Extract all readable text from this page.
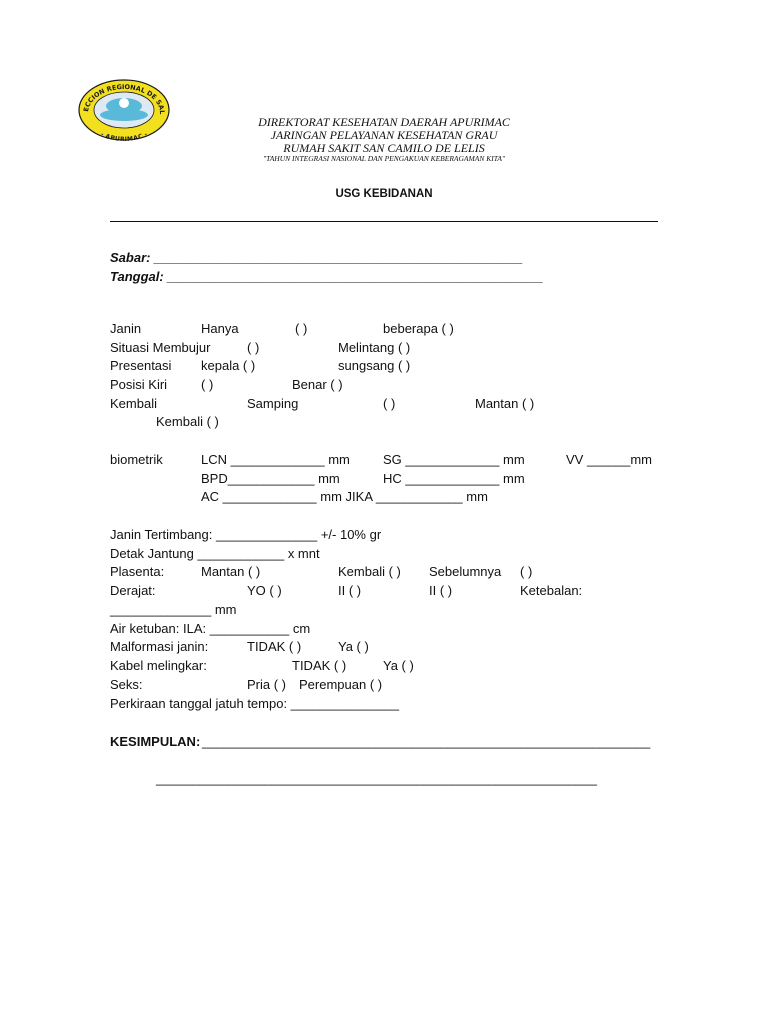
ECCION REGIONAL DE SAL
- APURIMAC -
DIREKTORAT KESEHATAN DAERAH APURIMAC
JARINGAN PELAYANAN KESEHATAN GRAU
RUMAH SAKIT SAN CAMILO DE LELIS
"TAHUN INTEGRASI NASIONAL DAN PENGAKUAN KEBERAGAMAN KITA"
USG KEBIDANAN
Sabar: ___________________________________________________
Tanggal: ____________________________________________________
Janin	Hanya	( )	beberapa ( )
Situasi Membujur	( )	Melintang ( )
Presentasi kepala ( )	sungsang ( )
Posisi Kiri	( )	Benar ( )
Kembali	Samping	( )	Mantan ( )
Kembali ( )
biometrik	LCN _____________ mm	SG _____________ mm	VV ______mm
BPD____________ mm	HC _____________ mm
AC _____________ mm JIKA ____________ mm
Janin Tertimbang: ______________ +/- 10% gr
Detak Jantung ____________ x mnt
Plasenta:	Mantan ( )	Kembali ( ) Sebelumnya ( )
Derajat:	YO ( )	II ( )	II ( )	Ketebalan:
______________ mm
Air ketuban: ILA: ___________ cm
Malformasi janin:	TIDAK ( )	Ya ( )
Kabel melingkar:	TIDAK ( )	Ya ( )
Seks:	Pria ( ) Perempuan ( )
Perkiraan tanggal jatuh tempo: _______________
KESIMPULAN: ______________________________________________________________
_____________________________________________________________
